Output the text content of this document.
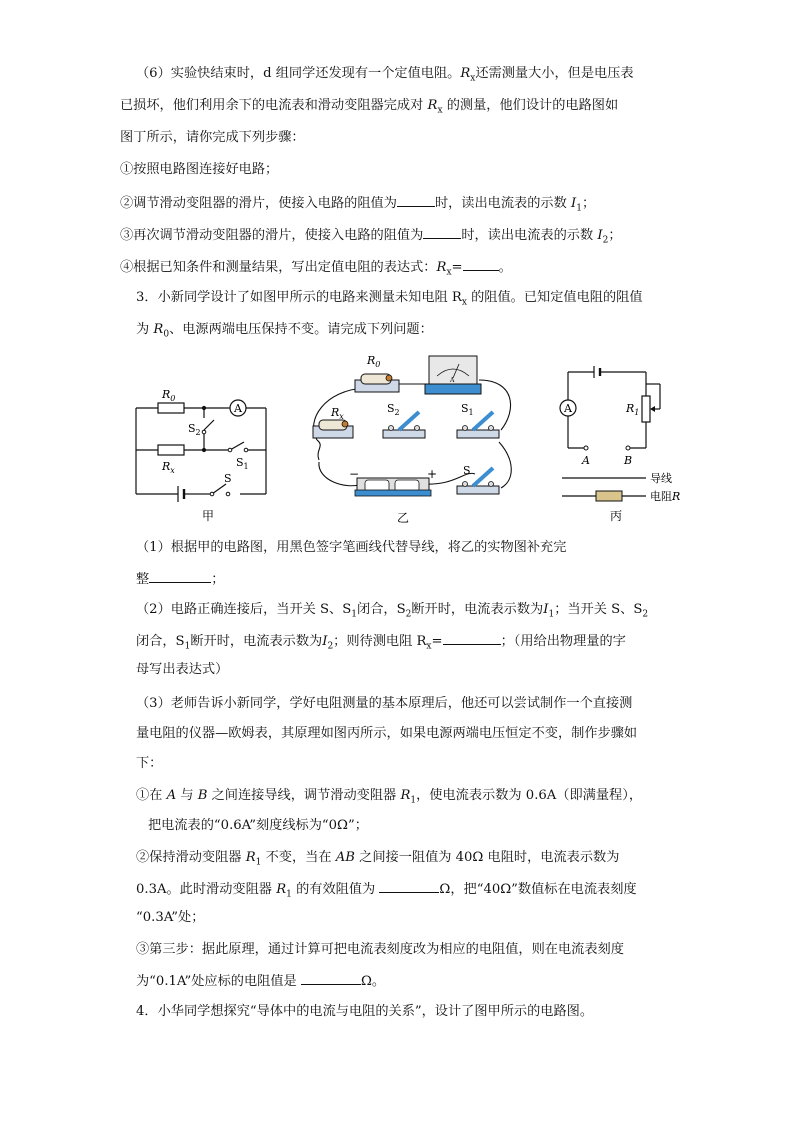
（6）实验快结束时，d 组同学还发现有一个定值电阻。$R_x$还需测量大小，但是电压表
已损坏，他们利用余下的电流表和滑动变阻器完成对 $R_x$ 的测量，他们设计的电路图如
图丁所示，请你完成下列步骤：
①按照电路图连接好电路；
②调节滑动变阻器的滑片，使接入电路的阻值为	时，读出电流表的示数 $I_1$；
③再次调节滑动变阻器的滑片，使接入电路的阻值为	时，读出电流表的示数 $I_2$；
④根据已知条件和测量结果，写出定值电阻的表达式：$R_x=$	。
3．小新同学设计了如图甲所示的电路来测量未知电阻 $R_x$ 的阻值。已知定值电阻的阻值
为 $R_0$、电源两端电压保持不变。请完成下列问题：
A
$R_0$
$S_2$
$R_x$
$S_1$
S
甲
$R_0$
A
$R_x$
$S_2$	$S_1$
−	+ S
乙
A	$R_1$
A	B
导线
电阻R
丙
（1）根据甲的电路图，用黑色签字笔画线代替导线，将乙的实物图补充完
整	；
（2）电路正确连接后，当开关 S、$S_1$闭合，$S_2$断开时，电流表示数为$I_1$；当开关 S、$S_2$
闭合，$S_1$断开时，电流表示数为$I_2$；则待测电阻 $R_x=$	；（用给出物理量的字
母写出表达式）
（3）老师告诉小新同学，学好电阻测量的基本原理后，他还可以尝试制作一个直接测
量电阻的仪器—欧姆表，其原理如图丙所示，如果电源两端电压恒定不变，制作步骤如
下：
①在 A 与 B 之间连接导线，调节滑动变阻器 $R_1$，使电流表示数为 0.6A（即满量程），
把电流表的“0.6A”刻度线标为“0Ω”；
②保持滑动变阻器 $R_1$ 不变，当在 AB 之间接一阻值为 40Ω 电阻时，电流表示数为
0.3A。此时滑动变阻器 $R_1$ 的有效阻值为	Ω，把“40Ω”数值标在电流表刻度
“0.3A”处；
③第三步：据此原理，通过计算可把电流表刻度改为相应的电阻值，则在电流表刻度
为“0.1A”处应标的电阻值是	Ω。
4．小华同学想探究“导体中的电流与电阻的关系”，设计了图甲所示的电路图。
